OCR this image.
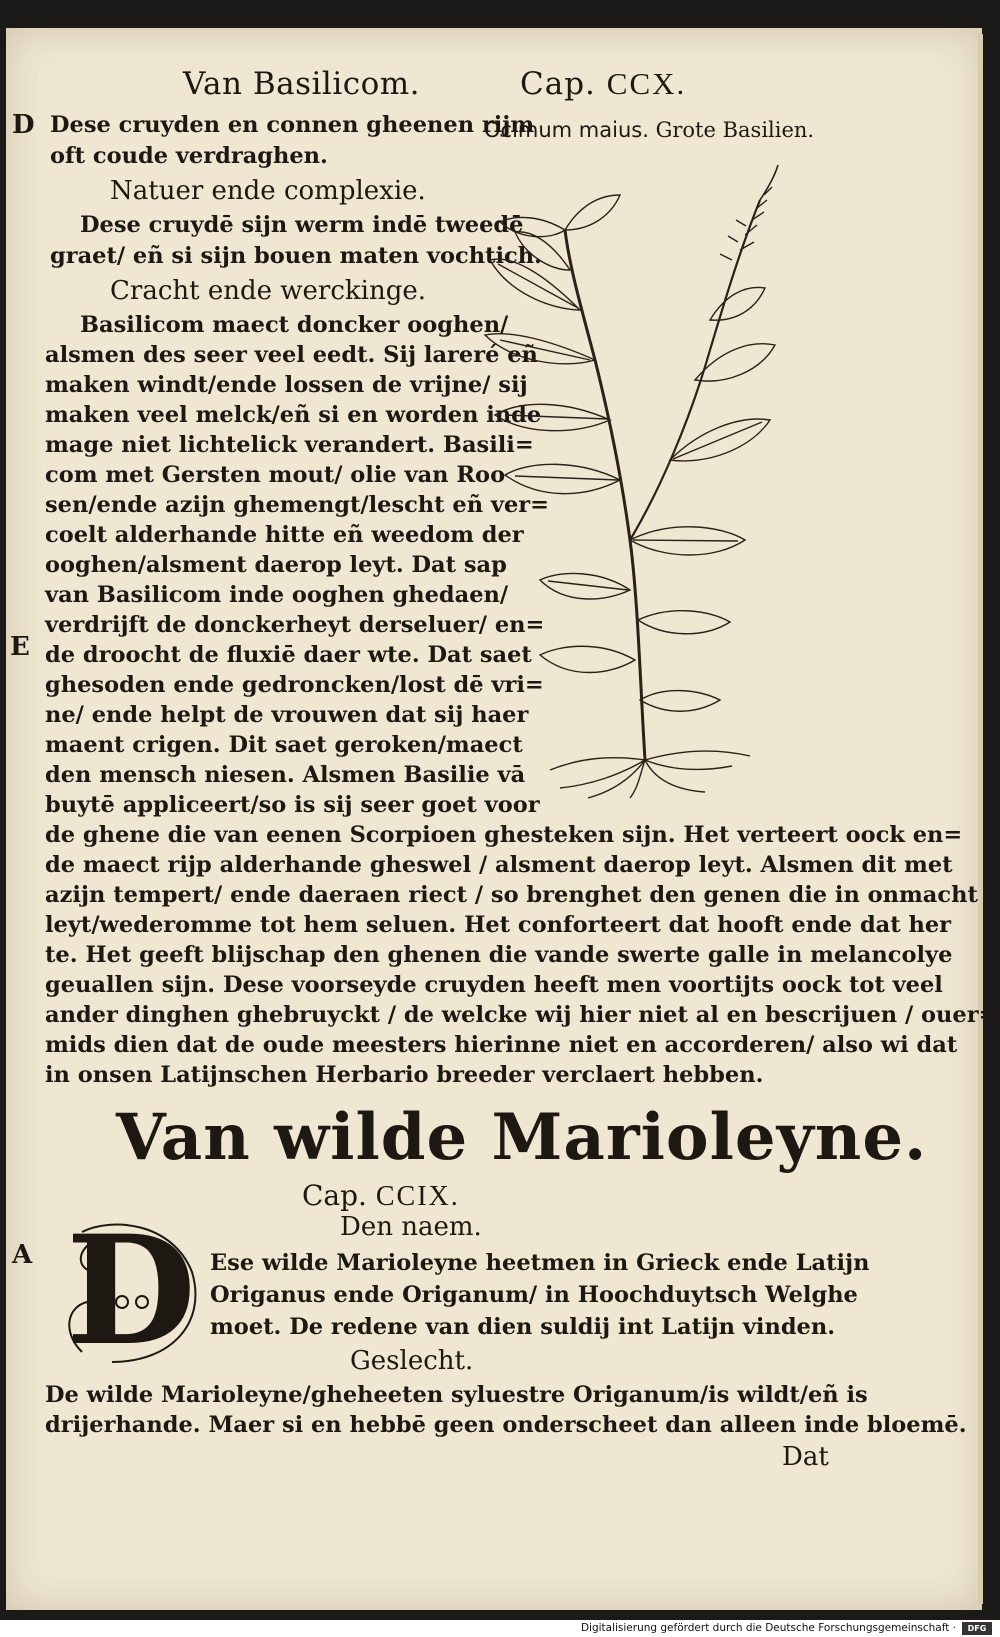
Van Basilicom.	Cap. CCX.
Ocimum maius. Grote Basilien.
D
E
A
Dese cruyden en connen gheenen rijm
oft coude verdraghen.
Natuer ende complexie.
Dese cruydē sijn werm indē tweedē
graet/ eñ si sijn bouen maten vochtich.
Cracht ende werckinge.
Basilicom maect doncker ooghen/
alsmen des seer veel eedt. Sij lareré eñ
maken windt/ende lossen de vrijne/ sij
maken veel melck/eñ si en worden inde
mage niet lichtelick verandert. Basili=
com met Gersten mout/ olie van Roo
sen/ende azijn ghemengt/lescht eñ ver=
coelt alderhande hitte eñ weedom der
ooghen/alsment daerop leyt. Dat sap
van Basilicom inde ooghen ghedaen/
verdrijft de donckerheyt derseluer/ en=
de droocht de fluxiē daer wte. Dat saet
ghesoden ende gedroncken/lost dē vri=
ne/ ende helpt de vrouwen dat sij haer
maent crigen. Dit saet geroken/maect
den mensch niesen. Alsmen Basilie vā
buytē appliceert/so is sij seer goet voor
de ghene die van eenen Scorpioen ghesteken sijn. Het verteert oock en=
de maect rijp alderhande gheswel / alsment daerop leyt. Alsmen dit met
azijn tempert/ ende daeraen riect / so brenghet den genen die in onmacht
leyt/wederomme tot hem seluen. Het conforteert dat hooft ende dat her
te. Het geeft blijschap den ghenen die vande swerte galle in melancolye
geuallen sijn. Dese voorseyde cruyden heeft men voortijts oock tot veel
ander dinghen ghebruyckt / de welcke wij hier niet al en bescrijuen / ouer=
mids dien dat de oude meesters hierinne niet en accorderen/ also wi dat
in onsen Latijnschen Herbario breeder verclaert hebben.
Van wilde Marioleyne.
Cap. CCIX.
Den naem.
D Ese wilde Marioleyne heetmen in Grieck ende Latijn
Origanus ende Origanum/ in Hoochduytsch Welghe
moet. De redene van dien suldij int Latijn vinden.
Geslecht.
De wilde Marioleyne/gheheeten syluestre Origanum/is wildt/eñ is
drijerhande. Maer si en hebbē geen onderscheet dan alleen inde bloemē.
Dat
Digitalisierung gefördert durch die Deutsche Forschungsgemeinschaft ·	DFG
